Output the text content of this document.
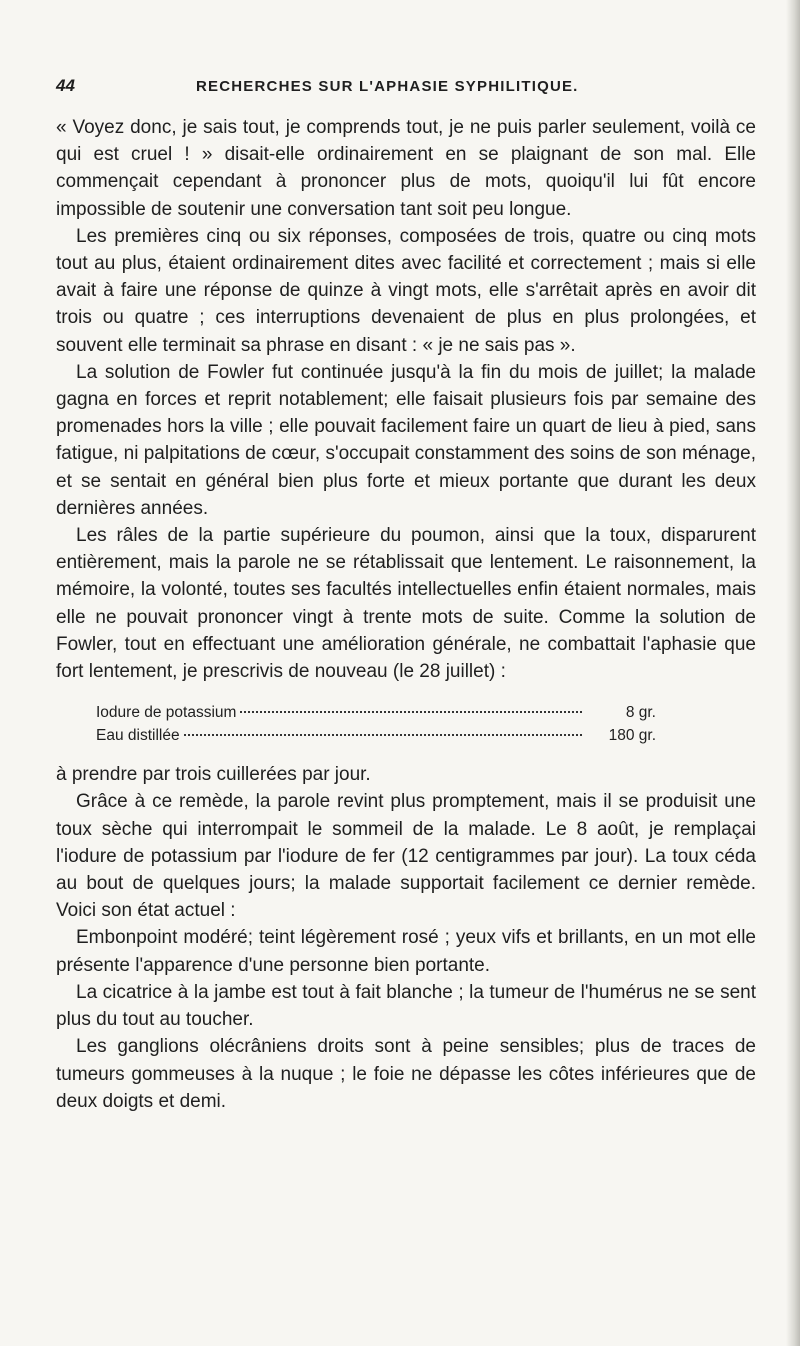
44	RECHERCHES SUR L'APHASIE SYPHILITIQUE.

« Voyez donc, je sais tout, je comprends tout, je ne puis parler seulement, voilà ce qui est cruel ! » disait-elle ordinairement en se plaignant de son mal. Elle commençait cependant à prononcer plus de mots, quoiqu'il lui fût encore impossible de soutenir une conversation tant soit peu longue.

Les premières cinq ou six réponses, composées de trois, quatre ou cinq mots tout au plus, étaient ordinairement dites avec facilité et correctement ; mais si elle avait à faire une réponse de quinze à vingt mots, elle s'arrêtait après en avoir dit trois ou quatre ; ces interruptions devenaient de plus en plus prolongées, et souvent elle terminait sa phrase en disant : « je ne sais pas ».

La solution de Fowler fut continuée jusqu'à la fin du mois de juillet; la malade gagna en forces et reprit notablement; elle faisait plusieurs fois par semaine des promenades hors la ville ; elle pouvait facilement faire un quart de lieu à pied, sans fatigue, ni palpitations de cœur, s'occupait constamment des soins de son ménage, et se sentait en général bien plus forte et mieux portante que durant les deux dernières années.

Les râles de la partie supérieure du poumon, ainsi que la toux, disparurent entièrement, mais la parole ne se rétablissait que lentement. Le raisonnement, la mémoire, la volonté, toutes ses facultés intellectuelles enfin étaient normales, mais elle ne pouvait prononcer vingt à trente mots de suite. Comme la solution de Fowler, tout en effectuant une amélioration générale, ne combattait l'aphasie que fort lentement, je prescrivis de nouveau (le 28 juillet) :

Iodure de potassium	8 gr.
Eau distillée	180 gr.

à prendre par trois cuillerées par jour.

Grâce à ce remède, la parole revint plus promptement, mais il se produisit une toux sèche qui interrompait le sommeil de la malade. Le 8 août, je remplaçai l'iodure de potassium par l'iodure de fer (12 centigrammes par jour). La toux céda au bout de quelques jours; la malade supportait facilement ce dernier remède. Voici son état actuel :

Embonpoint modéré; teint légèrement rosé ; yeux vifs et brillants, en un mot elle présente l'apparence d'une personne bien portante.

La cicatrice à la jambe est tout à fait blanche ; la tumeur de l'humérus ne se sent plus du tout au toucher.

Les ganglions olécrâniens droits sont à peine sensibles; plus de traces de tumeurs gommeuses à la nuque ; le foie ne dépasse les côtes inférieures que de deux doigts et demi.
